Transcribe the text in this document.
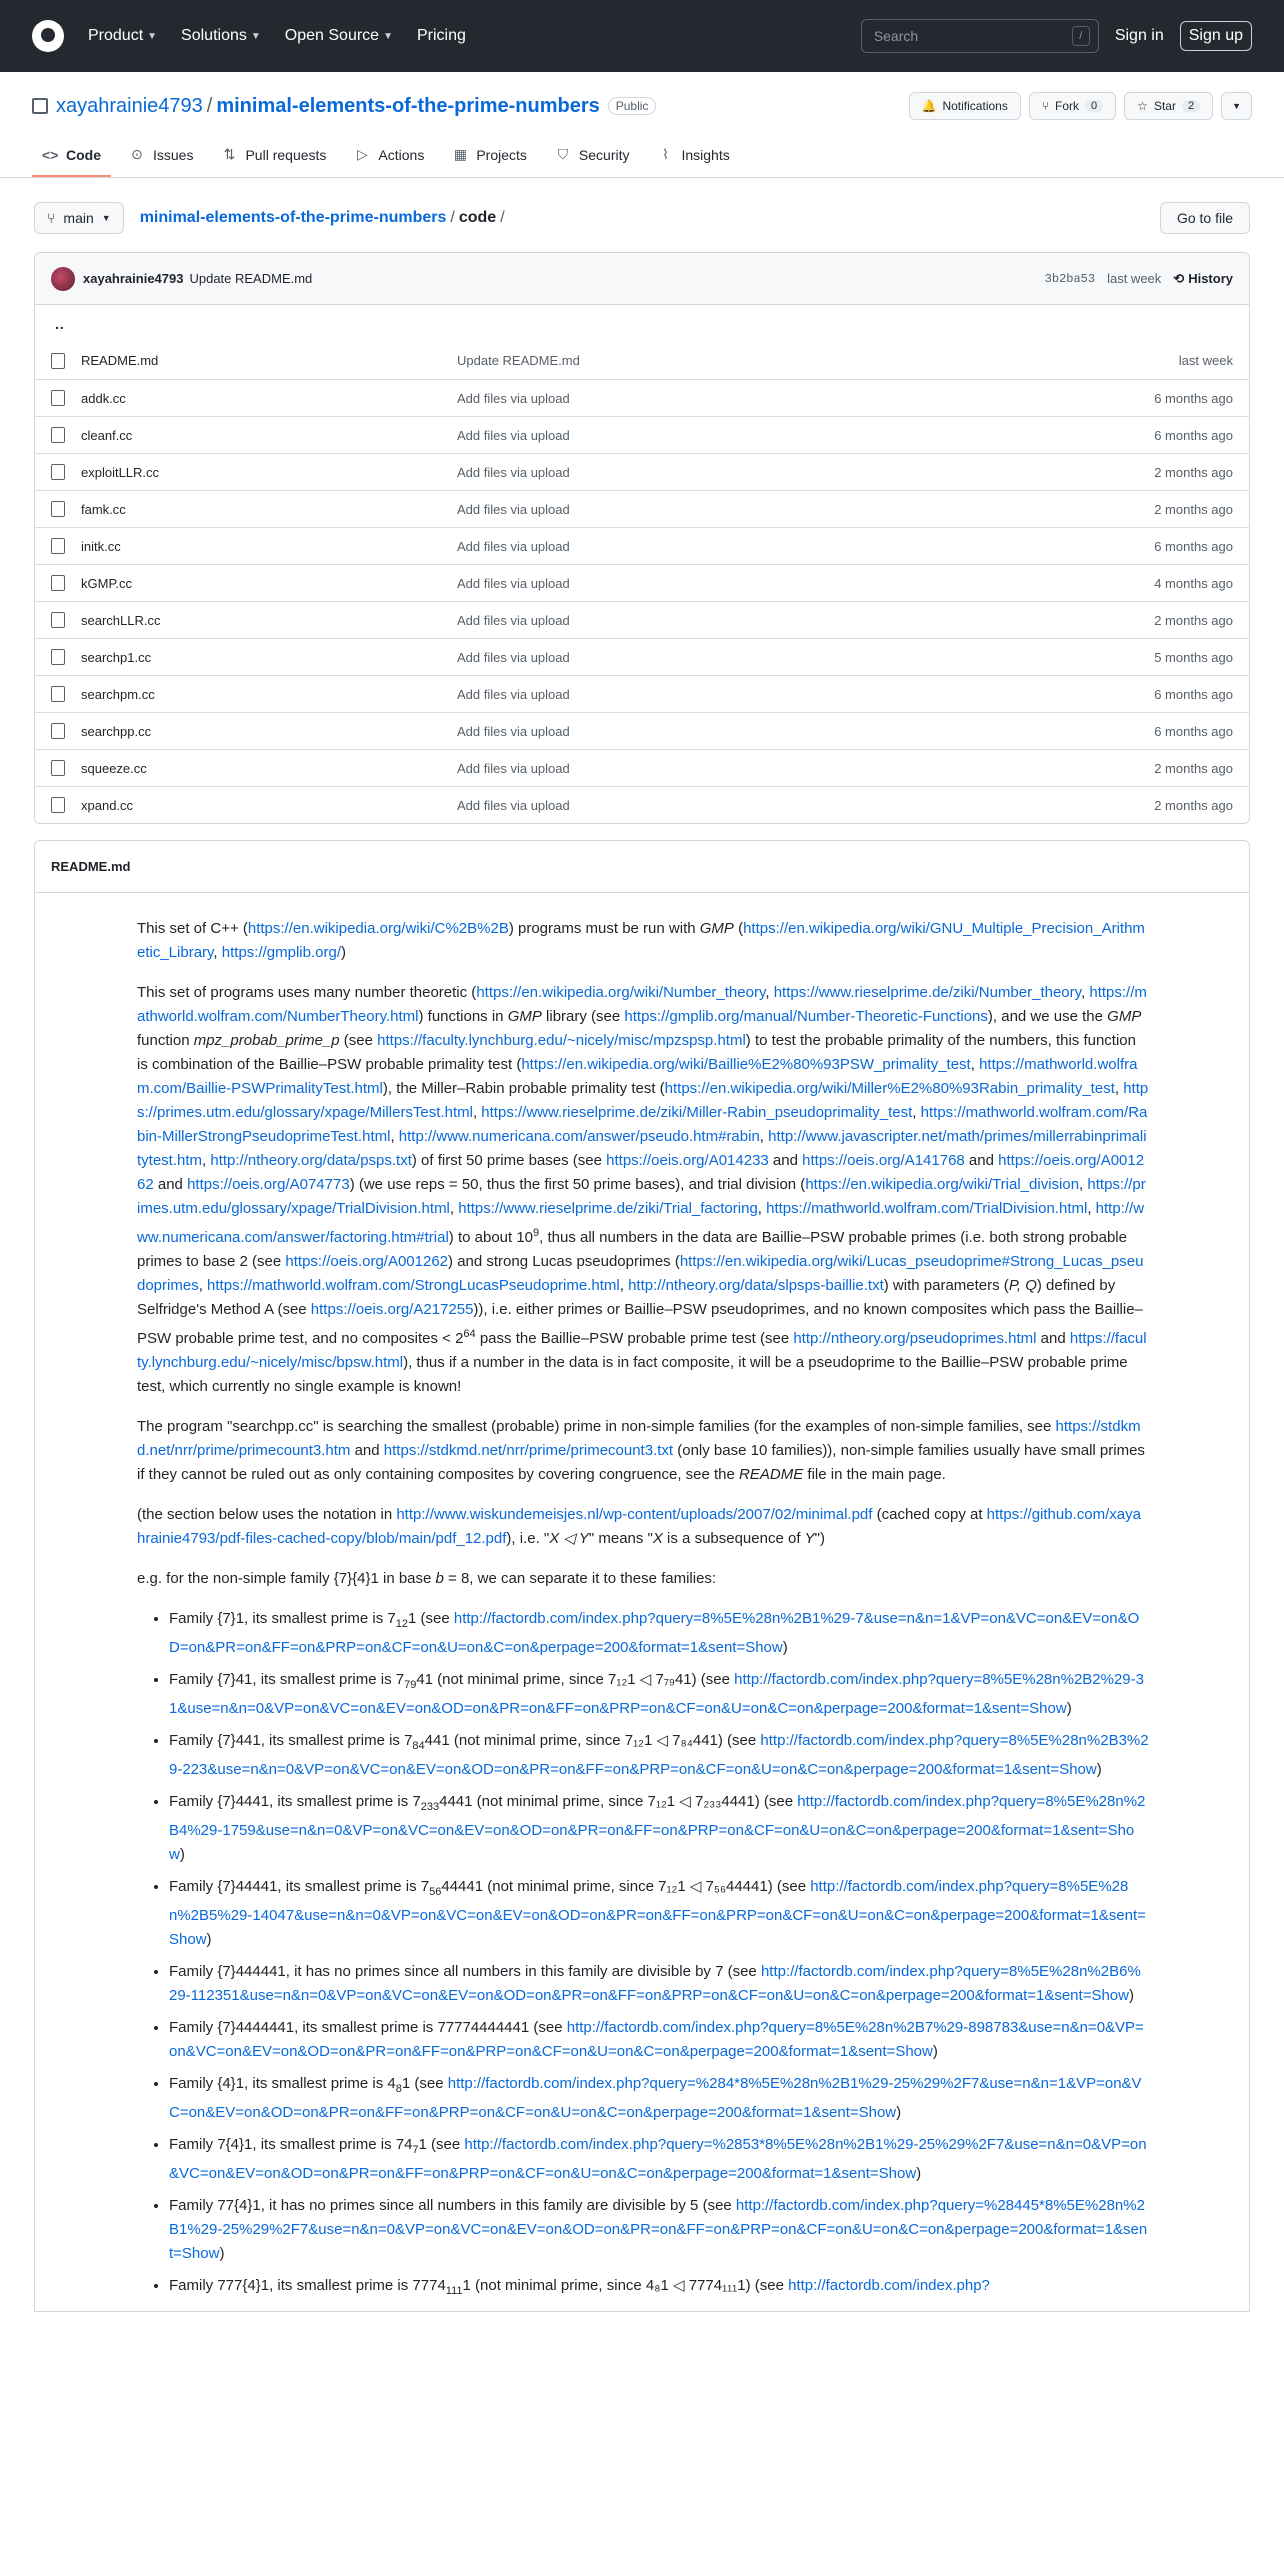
Product ▼ Solutions ▼ Open Source ▼ Pricing	Search	/	Sign in	Sign up
xayahrainie4793 / minimal-elements-of-the-prime-numbers	Public	🔔 Notifications	⑂ Fork	0	☆ Star	2	▼
<> Code ⊙ Issues ⇅ Pull requests ▷ Actions ▦ Projects ⛉ Security	⌇ Insights
⑂ main ▼ minimal-elements-of-the-prime-numbers / code /	Go to file
xayahrainie4793 Update README.md	3b2ba53 last week ⟲ History
..
README.md	Update README.md	last week
addk.cc	Add files via upload	6 months ago
cleanf.cc	Add files via upload	6 months ago
exploitLLR.cc	Add files via upload	2 months ago
famk.cc	Add files via upload	2 months ago
initk.cc	Add files via upload	6 months ago
kGMP.cc	Add files via upload	4 months ago
searchLLR.cc	Add files via upload	2 months ago
searchp1.cc	Add files via upload	5 months ago
searchpm.cc	Add files via upload	6 months ago
searchpp.cc	Add files via upload	6 months ago
squeeze.cc	Add files via upload	2 months ago
xpand.cc	Add files via upload	2 months ago
README.md

This set of C++ (https://en.wikipedia.org/wiki/C%2B%2B) programs must be run with GMP (https://en.wikipedia.org/wiki/GNU_Multiple_Precision_Arithmetic_Library, https://gmplib.org/)

This set of programs uses many number theoretic (https://en.wikipedia.org/wiki/Number_theory, https://www.rieselprime.de/ziki/Number_theory, https://mathworld.wolfram.com/NumberTheory.html) functions in GMP library (see https://gmplib.org/manual/Number-Theoretic-Functions), and we use the GMP function mpz_probab_prime_p (see https://faculty.lynchburg.edu/~nicely/misc/mpzspsp.html) to test the probable primality of the numbers, this function is combination of the Baillie–PSW probable primality test (https://en.wikipedia.org/wiki/Baillie%E2%80%93PSW_primality_test, https://mathworld.wolfram.com/Baillie-PSWPrimalityTest.html), the Miller–Rabin probable primality test (https://en.wikipedia.org/wiki/Miller%E2%80%93Rabin_primality_test, https://primes.utm.edu/glossary/xpage/MillersTest.html, https://www.rieselprime.de/ziki/Miller-Rabin_pseudoprimality_test, https://mathworld.wolfram.com/Rabin-MillerStrongPseudoprimeTest.html, http://www.numericana.com/answer/pseudo.htm#rabin, http://www.javascripter.net/math/primes/millerrabinprimalitytest.htm, http://ntheory.org/data/psps.txt) of first 50 prime bases (see https://oeis.org/A014233 and https://oeis.org/A141768 and https://oeis.org/A001262 and https://oeis.org/A074773) (we use reps = 50, thus the first 50 prime bases), and trial division (https://en.wikipedia.org/wiki/Trial_division, https://primes.utm.edu/glossary/xpage/TrialDivision.html, https://www.rieselprime.de/ziki/Trial_factoring, https://mathworld.wolfram.com/TrialDivision.html, http://www.numericana.com/answer/factoring.htm#trial) to about $10^9$, thus all numbers in the data are Baillie–PSW probable primes (i.e. both strong probable primes to base 2 (see https://oeis.org/A001262) and strong Lucas pseudoprimes (https://en.wikipedia.org/wiki/Lucas_pseudoprime#Strong_Lucas_pseudoprimes, https://mathworld.wolfram.com/StrongLucasPseudoprime.html, http://ntheory.org/data/slpsps-baillie.txt) with parameters (P, Q) defined by Selfridge's Method A (see https://oeis.org/A217255)), i.e. either primes or Baillie–PSW pseudoprimes, and no known composites which pass the Baillie–PSW probable prime test, and no composites < $2^{64}$ pass the Baillie–PSW probable prime test (see http://ntheory.org/pseudoprimes.html and https://faculty.lynchburg.edu/~nicely/misc/bpsw.html), thus if a number in the data is in fact composite, it will be a pseudoprime to the Baillie–PSW probable prime test, which currently no single example is known!

The program "searchpp.cc" is searching the smallest (probable) prime in non-simple families (for the examples of non-simple families, see https://stdkmd.net/nrr/prime/primecount3.htm and https://stdkmd.net/nrr/prime/primecount3.txt (only base 10 families)), non-simple families usually have small primes if they cannot be ruled out as only containing composites by covering congruence, see the README file in the main page.

(the section below uses the notation in http://www.wiskundemeisjes.nl/wp-content/uploads/2007/02/minimal.pdf (cached copy at https://github.com/xayahrainie4793/pdf-files-cached-copy/blob/main/pdf_12.pdf), i.e. "X ◁ Y" means "X is a subsequence of Y")

e.g. for the non-simple family {7}{4}1 in base b = 8, we can separate it to these families:

• Family {7}1, its smallest prime is $7_{12}1$ (see http://factordb.com/index.php?query=8%5E%28n%2B1%29-7&use=n&n=1&VP=on&VC=on&EV=on&OD=on&PR=on&FF=on&PRP=on&CF=on&U=on&C=on&perpage=200&format=1&sent=Show)
• Family {7}41, its smallest prime is $7_{79}41$ (not minimal prime, since 7₁₂1 ◁ 7₇₉41) (see http://factordb.com/index.php?query=8%5E%28n%2B2%29-31&use=n&n=0&VP=on&VC=on&EV=on&OD=on&PR=on&FF=on&PRP=on&CF=on&U=on&C=on&perpage=200&format=1&sent=Show)
• Family {7}441, its smallest prime is $7_{84}441$ (not minimal prime, since 7₁₂1 ◁ 7₈₄441) (see http://factordb.com/index.php?query=8%5E%28n%2B3%29-223&use=n&n=0&VP=on&VC=on&EV=on&OD=on&PR=on&FF=on&PRP=on&CF=on&U=on&C=on&perpage=200&format=1&sent=Show)
• Family {7}4441, its smallest prime is $7_{233}4441$ (not minimal prime, since 7₁₂1 ◁ 7₂₃₃4441) (see http://factordb.com/index.php?query=8%5E%28n%2B4%29-1759&use=n&n=0&VP=on&VC=on&EV=on&OD=on&PR=on&FF=on&PRP=on&CF=on&U=on&C=on&perpage=200&format=1&sent=Show)
• Family {7}44441, its smallest prime is $7_{56}44441$ (not minimal prime, since 7₁₂1 ◁ 7₅₆44441) (see http://factordb.com/index.php?query=8%5E%28n%2B5%29-14047&use=n&n=0&VP=on&VC=on&EV=on&OD=on&PR=on&FF=on&PRP=on&CF=on&U=on&C=on&perpage=200&format=1&sent=Show)
• Family {7}444441, it has no primes since all numbers in this family are divisible by 7 (see http://factordb.com/index.php?query=8%5E%28n%2B6%29-112351&use=n&n=0&VP=on&VC=on&EV=on&OD=on&PR=on&FF=on&PRP=on&CF=on&U=on&C=on&perpage=200&format=1&sent=Show)
• Family {7}4444441, its smallest prime is 77774444441 (see http://factordb.com/index.php?query=8%5E%28n%2B7%29-898783&use=n&n=0&VP=on&VC=on&EV=on&OD=on&PR=on&FF=on&PRP=on&CF=on&U=on&C=on&perpage=200&format=1&sent=Show)
• Family {4}1, its smallest prime is $4_81$ (see http://factordb.com/index.php?query=%284*8%5E%28n%2B1%29-25%29%2F7&use=n&n=1&VP=on&VC=on&EV=on&OD=on&PR=on&FF=on&PRP=on&CF=on&U=on&C=on&perpage=200&format=1&sent=Show)
• Family 7{4}1, its smallest prime is $74_71$ (see http://factordb.com/index.php?query=%2853*8%5E%28n%2B1%29-25%29%2F7&use=n&n=0&VP=on&VC=on&EV=on&OD=on&PR=on&FF=on&PRP=on&CF=on&U=on&C=on&perpage=200&format=1&sent=Show)
• Family 77{4}1, it has no primes since all numbers in this family are divisible by 5 (see http://factordb.com/index.php?query=%28445*8%5E%28n%2B1%29-25%29%2F7&use=n&n=0&VP=on&VC=on&EV=on&OD=on&PR=on&FF=on&PRP=on&CF=on&U=on&C=on&perpage=200&format=1&sent=Show)
• Family 777{4}1, its smallest prime is $7774_{111}1$ (not minimal prime, since 4₈1 ◁ 7774₁₁₁1) (see http://factordb.com/index.php?
